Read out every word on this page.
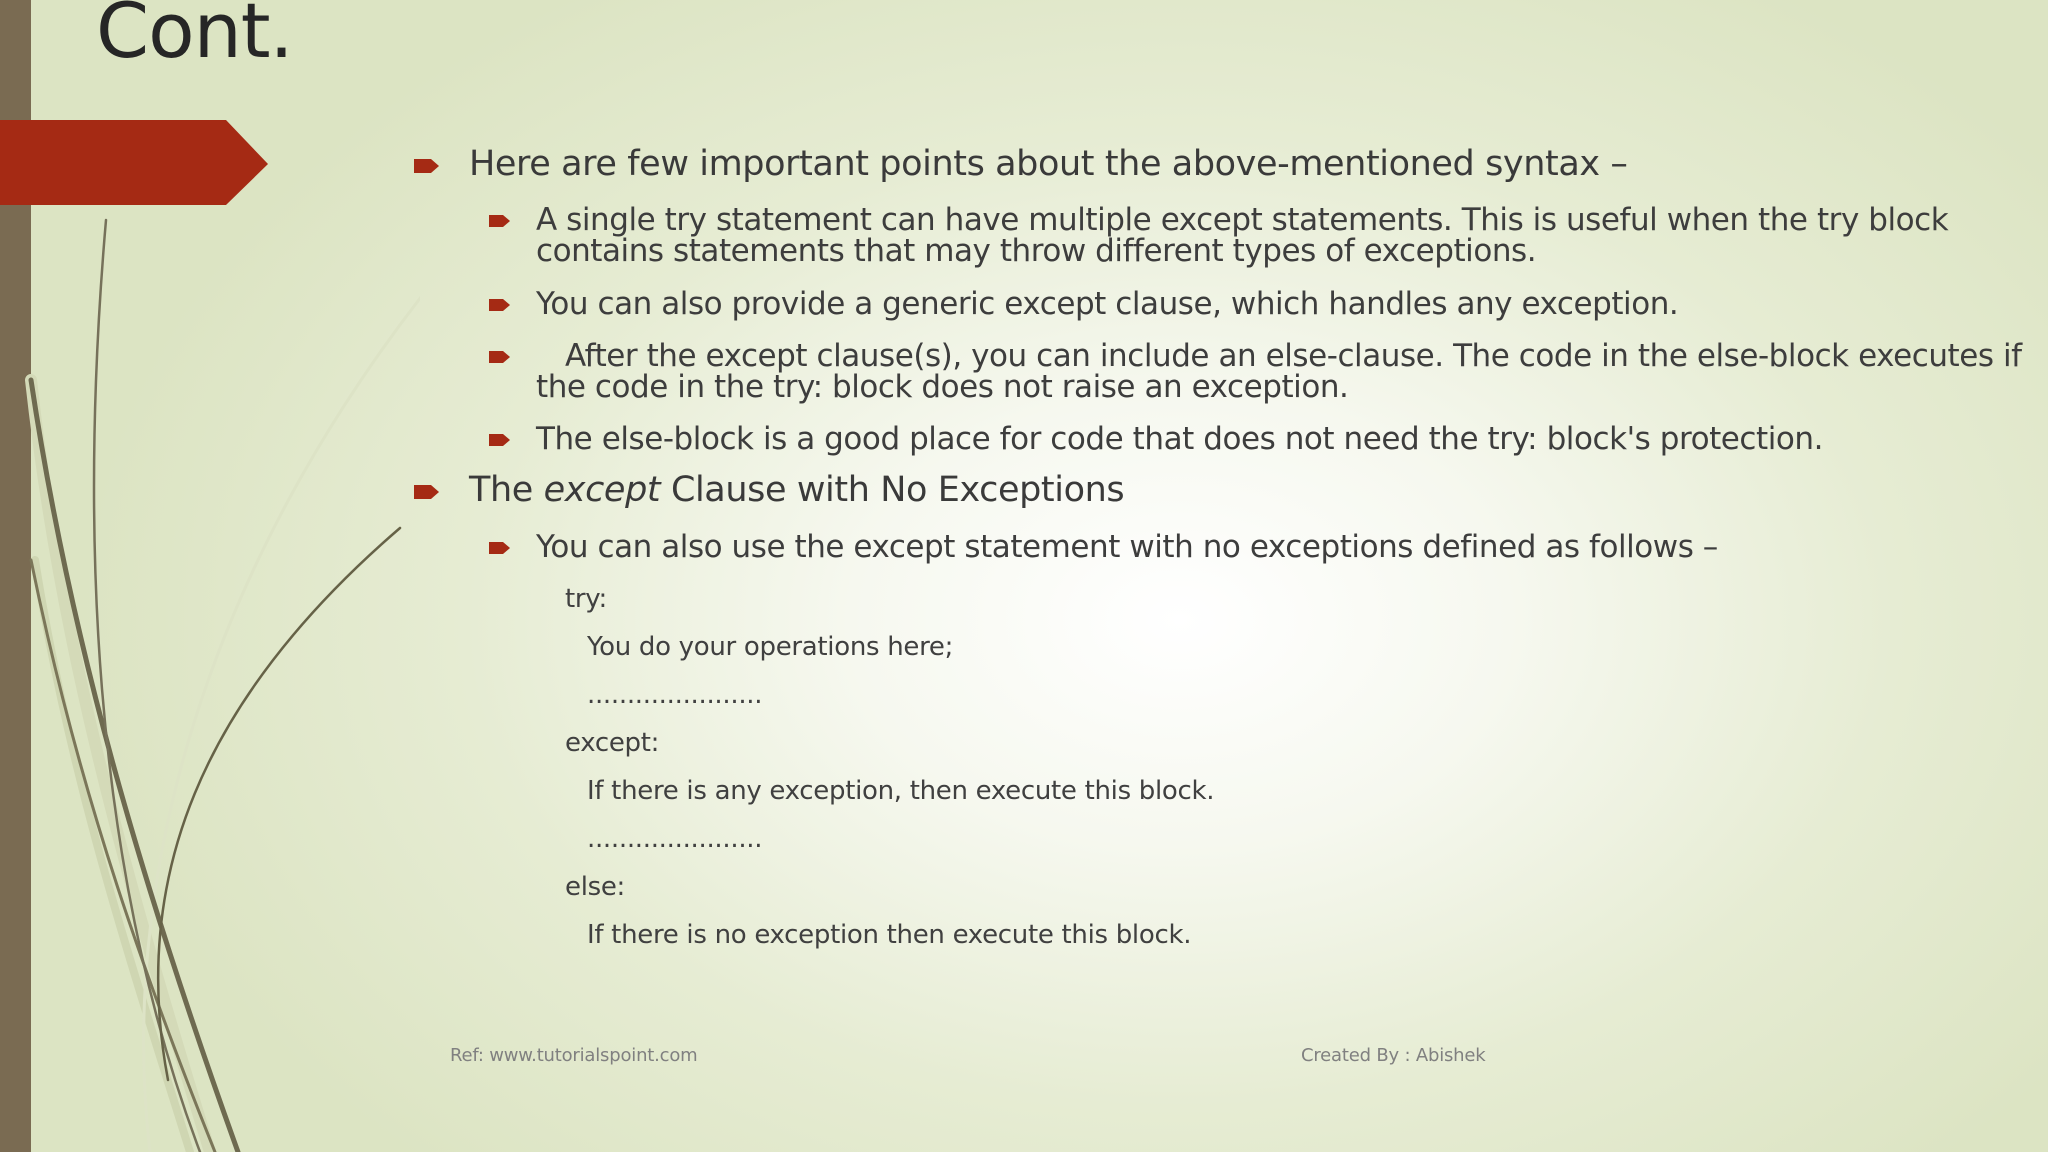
Cont.
Here are few important points about the above-mentioned syntax –
A single try statement can have multiple except statements. This is useful when the try block
contains statements that may throw different types of exceptions.
You can also provide a generic except clause, which handles any exception.
After the except clause(s), you can include an else-clause. The code in the else-block executes if
the code in the try: block does not raise an exception.
The else-block is a good place for code that does not need the try: block's protection.
The except Clause with No Exceptions
You can also use the except statement with no exceptions defined as follows –
try:
You do your operations here;
......................
except:
If there is any exception, then execute this block.
......................
else:
If there is no exception then execute this block.
Ref: www.tutorialspoint.com	Created By : Abishek
